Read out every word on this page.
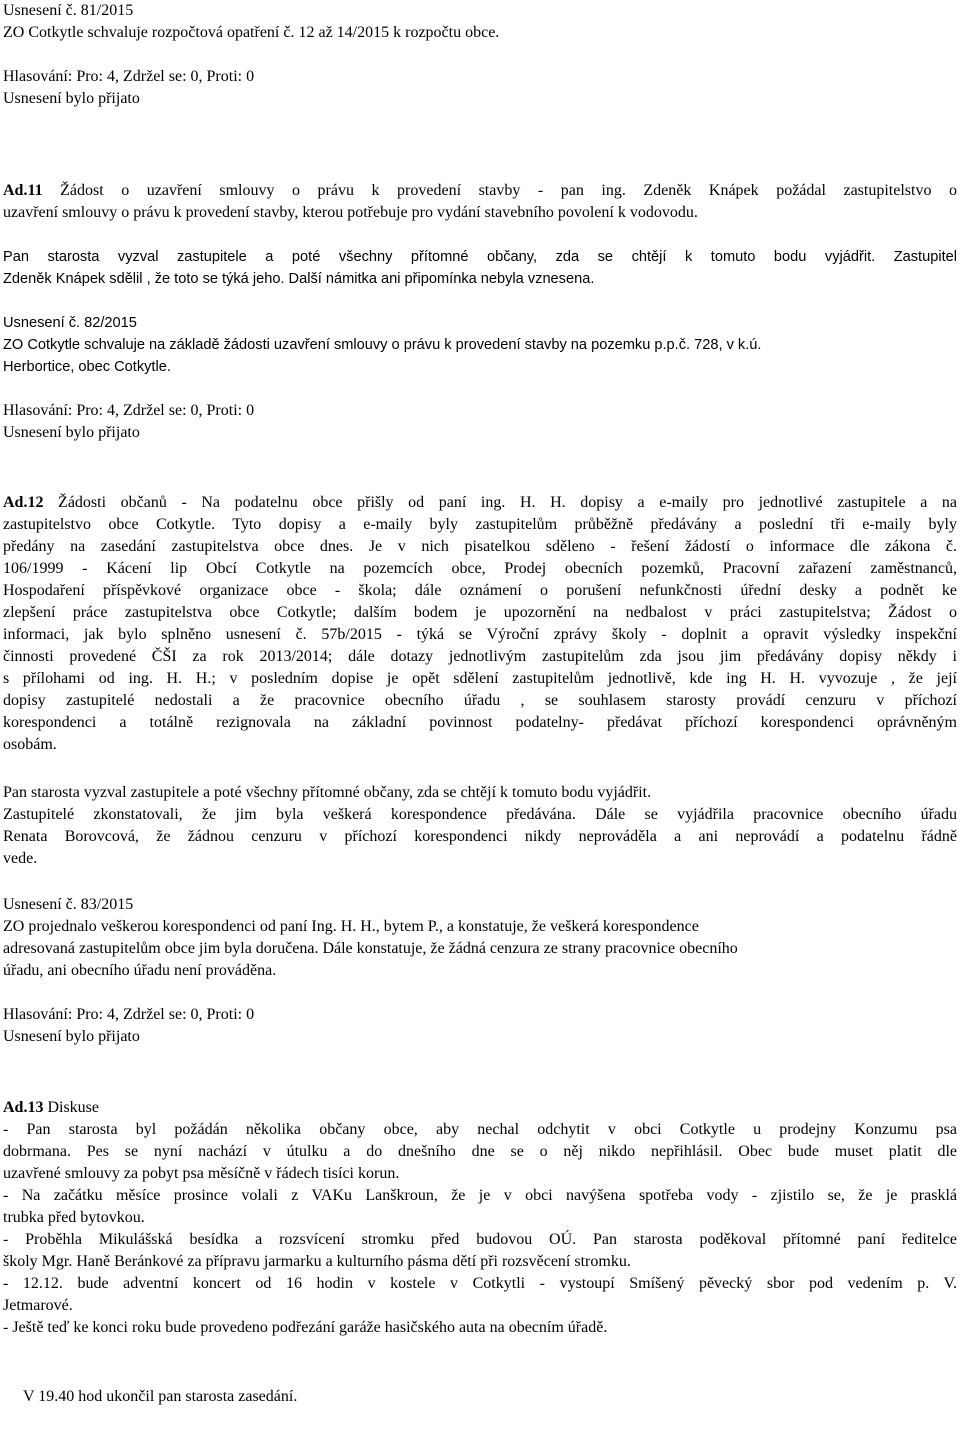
Usnesení č. 81/2015

ZO Cotkytle schvaluje rozpočtová opatření č. 12 až 14/2015 k rozpočtu obce.

Hlasování: Pro: 4, Zdržel se: 0, Proti: 0

Usnesení bylo přijato

Ad.11 Žádost o uzavření smlouvy o právu k provedení stavby - pan ing. Zdeněk Knápek požádal zastupitelstvo o

uzavření smlouvy o právu k provedení stavby, kterou potřebuje pro vydání stavebního povolení k vodovodu.

Pan starosta vyzval zastupitele a poté všechny přítomné občany, zda se chtějí k tomuto bodu vyjádřit. Zastupitel

Zdeněk Knápek sdělil , že toto se týká jeho. Další námitka ani připomínka nebyla vznesena.

Usnesení č. 82/2015

ZO Cotkytle schvaluje na základě žádosti uzavření smlouvy o právu k provedení stavby na pozemku p.p.č. 728, v k.ú.

Herbortice, obec Cotkytle.

Hlasování: Pro: 4, Zdržel se: 0, Proti: 0

Usnesení bylo přijato

Ad.12 Žádosti občanů - Na podatelnu obce přišly od paní ing. H. H. dopisy a e-maily pro jednotlivé zastupitele a na

zastupitelstvo obce Cotkytle. Tyto dopisy a e-maily byly zastupitelům průběžně předávány a poslední tři e-maily byly

předány na zasedání zastupitelstva obce dnes. Je v nich pisatelkou sděleno - řešení žádostí o informace dle zákona č.

106/1999 - Kácení lip Obcí Cotkytle na pozemcích obce, Prodej obecních pozemků, Pracovní zařazení zaměstnanců,

Hospodaření příspěvkové organizace obce - škola; dále oznámení o porušení nefunkčnosti úřední desky a podnět ke

zlepšení práce zastupitelstva obce Cotkytle; dalším bodem je upozornění na nedbalost v práci zastupitelstva; Žádost o

informaci, jak bylo splněno usnesení č. 57b/2015 - týká se Výroční zprávy školy - doplnit a opravit výsledky inspekční

činnosti provedené ČŠI za rok 2013/2014; dále dotazy jednotlivým zastupitelům zda jsou jim předávány dopisy někdy i

s přílohami od ing. H. H.; v posledním dopise je opět sdělení zastupitelům jednotlivě, kde ing H. H. vyvozuje , že její

dopisy zastupitelé nedostali a že pracovnice obecního úřadu , se souhlasem starosty provádí cenzuru v příchozí

korespondenci a totálně rezignovala na základní povinnost podatelny- předávat příchozí korespondenci oprávněným

osobám.

Pan starosta vyzval zastupitele a poté všechny přítomné občany, zda se chtějí k tomuto bodu vyjádřit.

Zastupitelé zkonstatovali, že jim byla veškerá korespondence předávána. Dále se vyjádřila pracovnice obecního úřadu

Renata Borovcová, že žádnou cenzuru v příchozí korespondenci nikdy neprováděla a ani neprovádí a podatelnu řádně

vede.

Usnesení č. 83/2015

ZO projednalo veškerou korespondenci od paní Ing. H. H., bytem P., a konstatuje, že veškerá korespondence

adresovaná zastupitelům obce jim byla doručena. Dále konstatuje, že žádná cenzura ze strany pracovnice obecního

úřadu, ani obecního úřadu není prováděna.

Hlasování: Pro: 4, Zdržel se: 0, Proti: 0

Usnesení bylo přijato

Ad.13 Diskuse

- Pan starosta byl požádán několika občany obce, aby nechal odchytit v obci Cotkytle u prodejny Konzumu psa

dobrmana. Pes se nyní nachází v útulku a do dnešního dne se o něj nikdo nepřihlásil. Obec bude muset platit dle

uzavřené smlouvy za pobyt psa měsíčně v řádech tisíci korun.

- Na začátku měsíce prosince volali z VAKu Lanškroun, že je v obci navýšena spotřeba vody - zjistilo se, že je prasklá

trubka před bytovkou.

- Proběhla Mikulášská besídka a rozsvícení stromku před budovou OÚ. Pan starosta poděkoval přítomné paní ředitelce

školy Mgr. Haně Beránkové za přípravu jarmarku a kulturního pásma dětí při rozsvěcení stromku.

- 12.12. bude adventní koncert od 16 hodin v kostele v Cotkytli - vystoupí Smíšený pěvecký sbor pod vedením p. V.

Jetmarové.

- Ještě teď ke konci roku bude provedeno podřezání garáže hasičského auta na obecním úřadě.

V 19.40 hod ukončil pan starosta zasedání.
